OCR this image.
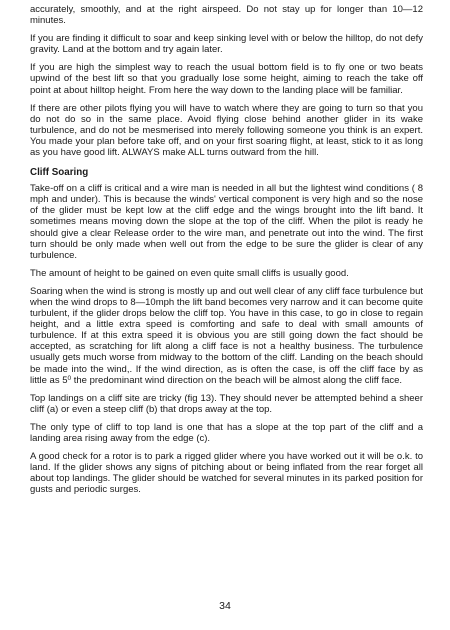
accurately, smoothly, and at the right airspeed. Do not stay up for longer than 10—12 minutes.

If you are finding it difficult to soar and keep sinking level with or below the hilltop, do not defy gravity. Land at the bottom and try again later.

If you are high the simplest way to reach the usual bottom field is to fly one or two beats upwind of the best lift so that you gradually lose some height, aiming to reach the take off point at about hilltop height. From here the way down to the landing place will be familiar.

If there are other pilots flying you will have to watch where they are going to turn so that you do not do so in the same place. Avoid flying close behind another glider in its wake turbulence, and do not be mesmerised into merely following someone you think is an expert. You made your plan before take off, and on your first soaring flight, at least, stick to it as long as you have good lift. ALWAYS make ALL turns outward from the hill.

Cliff Soaring

Take-off on a cliff is critical and a wire man is needed in all but the lightest wind conditions ( 8 mph and under). This is because the winds' vertical component is very high and so the nose of the glider must be kept low at the cliff edge and the wings brought into the lift band. It sometimes means moving down the slope at the top of the cliff. When the pilot is ready he should give a clear Release order to the wire man, and penetrate out into the wind. The first turn should be only made when well out from the edge to be sure the glider is clear of any turbulence.

The amount of height to be gained on even quite small cliffs is usually good.

Soaring when the wind is strong is mostly up and out well clear of any cliff face turbulence but when the wind drops to 8—10mph the lift band becomes very narrow and it can become quite turbulent, if the glider drops below the cliff top. You have in this case, to go in close to regain height, and a little extra speed is comforting and safe to deal with small amounts of turbulence. If at this extra speed it is obvious you are still going down the fact should be accepted, as scratching for lift along a cliff face is not a healthy business. The turbulence usually gets much worse from midway to the bottom of the cliff. Landing on the beach should be made into the wind,. If the wind direction, as is often the case, is off the cliff face by as little as $5^0$ the predominant wind direction on the beach will be almost along the cliff face.

Top landings on a cliff site are tricky (fig 13). They should never be attempted behind a sheer cliff (a) or even a steep cliff (b) that drops away at the top.

The only type of cliff to top land is one that has a slope at the top part of the cliff and a landing area rising away from the edge (c).

A good check for a rotor is to park a rigged glider where you have worked out it will be o.k. to land. If the glider shows any signs of pitching about or being inflated from the rear forget all about top landings. The glider should be watched for several minutes in its parked position for gusts and periodic surges.

34
